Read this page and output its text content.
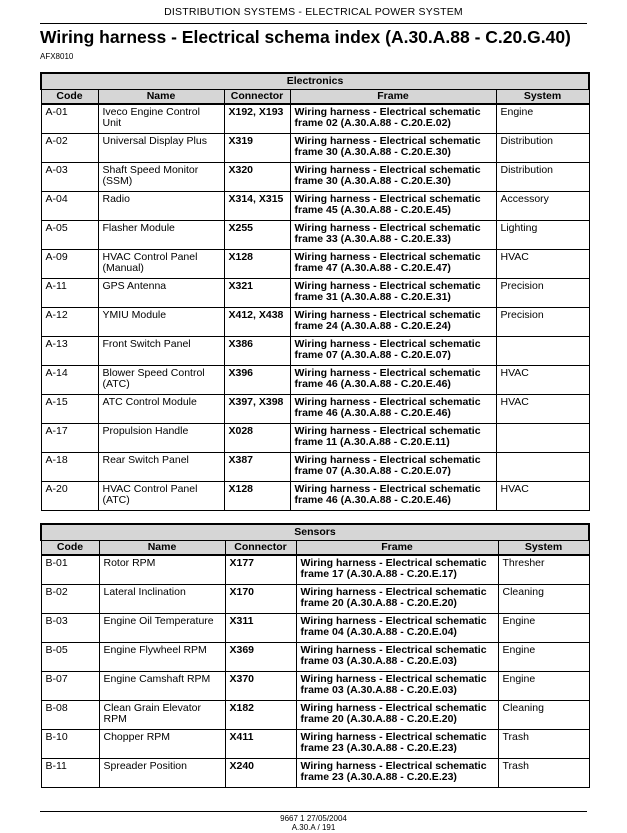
DISTRIBUTION SYSTEMS - ELECTRICAL POWER SYSTEM
Wiring harness - Electrical schema index (A.30.A.88 - C.20.G.40)
AFX8010
Electronics				
Code	Name	Connector	Frame	System
A-01	Iveco Engine Control Unit	X192, X193	Wiring harness - Electrical schematic frame 02 (A.30.A.88 - C.20.E.02)	Engine
A-02	Universal Display Plus	X319	Wiring harness - Electrical schematic frame 30 (A.30.A.88 - C.20.E.30)	Distribution
A-03	Shaft Speed Monitor (SSM)	X320	Wiring harness - Electrical schematic frame 30 (A.30.A.88 - C.20.E.30)	Distribution
A-04	Radio	X314, X315	Wiring harness - Electrical schematic frame 45 (A.30.A.88 - C.20.E.45)	Accessory
A-05	Flasher Module	X255	Wiring harness - Electrical schematic frame 33 (A.30.A.88 - C.20.E.33)	Lighting
A-09	HVAC Control Panel (Manual)	X128	Wiring harness - Electrical schematic frame 47 (A.30.A.88 - C.20.E.47)	HVAC
A-11	GPS Antenna	X321	Wiring harness - Electrical schematic frame 31 (A.30.A.88 - C.20.E.31)	Precision
A-12	YMIU Module	X412, X438	Wiring harness - Electrical schematic frame 24 (A.30.A.88 - C.20.E.24)	Precision
A-13	Front Switch Panel	X386	Wiring harness - Electrical schematic frame 07 (A.30.A.88 - C.20.E.07)	
A-14	Blower Speed Control (ATC)	X396	Wiring harness - Electrical schematic frame 46 (A.30.A.88 - C.20.E.46)	HVAC
A-15	ATC Control Module	X397, X398	Wiring harness - Electrical schematic frame 46 (A.30.A.88 - C.20.E.46)	HVAC
A-17	Propulsion Handle	X028	Wiring harness - Electrical schematic frame 11 (A.30.A.88 - C.20.E.11)	
A-18	Rear Switch Panel	X387	Wiring harness - Electrical schematic frame 07 (A.30.A.88 - C.20.E.07)	
A-20	HVAC Control Panel (ATC)	X128	Wiring harness - Electrical schematic frame 46 (A.30.A.88 - C.20.E.46)	HVAC
Sensors				
Code	Name	Connector	Frame	System
B-01	Rotor RPM	X177	Wiring harness - Electrical schematic frame 17 (A.30.A.88 - C.20.E.17)	Thresher
B-02	Lateral Inclination	X170	Wiring harness - Electrical schematic frame 20 (A.30.A.88 - C.20.E.20)	Cleaning
B-03	Engine Oil Temperature	X311	Wiring harness - Electrical schematic frame 04 (A.30.A.88 - C.20.E.04)	Engine
B-05	Engine Flywheel RPM	X369	Wiring harness - Electrical schematic frame 03 (A.30.A.88 - C.20.E.03)	Engine
B-07	Engine Camshaft RPM	X370	Wiring harness - Electrical schematic frame 03 (A.30.A.88 - C.20.E.03)	Engine
B-08	Clean Grain Elevator RPM	X182	Wiring harness - Electrical schematic frame 20 (A.30.A.88 - C.20.E.20)	Cleaning
B-10	Chopper RPM	X411	Wiring harness - Electrical schematic frame 23 (A.30.A.88 - C.20.E.23)	Trash
B-11	Spreader Position	X240	Wiring harness - Electrical schematic frame 23 (A.30.A.88 - C.20.E.23)	Trash
9667 1 27/05/2004
A.30.A / 191
